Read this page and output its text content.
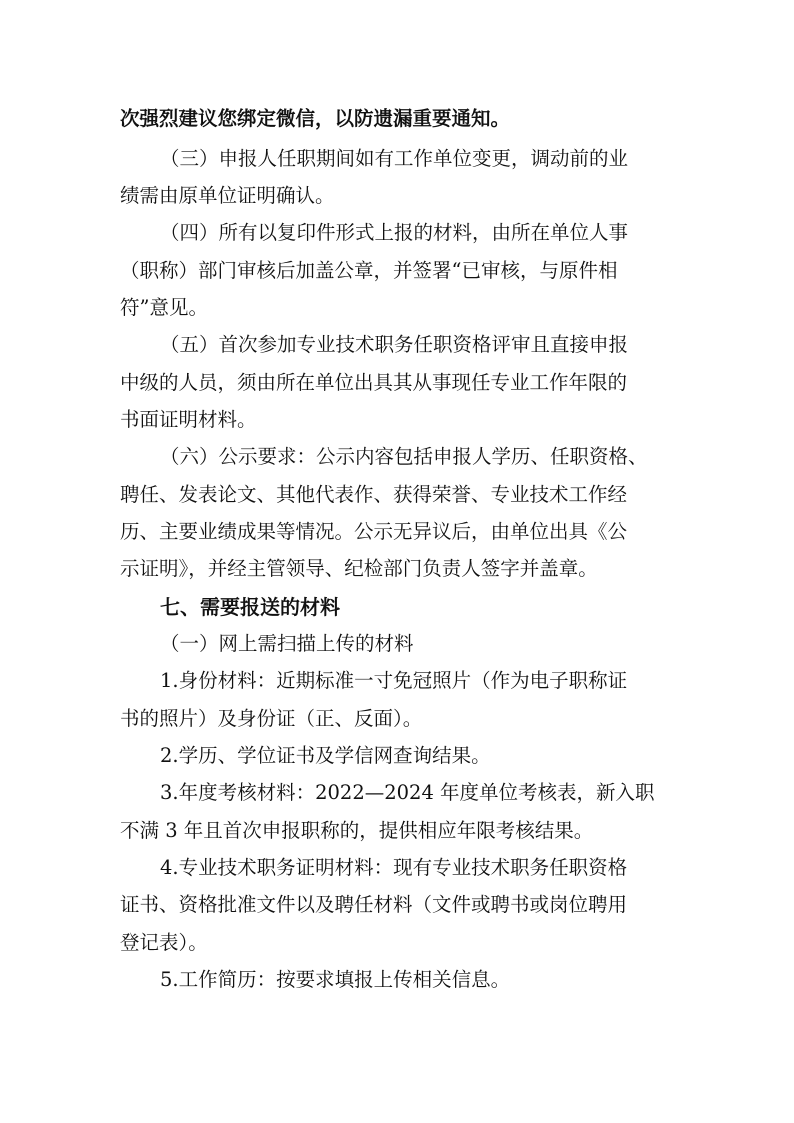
次强烈建议您绑定微信，以防遗漏重要通知。
（三）申报人任职期间如有工作单位变更，调动前的业
绩需由原单位证明确认。
（四）所有以复印件形式上报的材料，由所在单位人事
（职称）部门审核后加盖公章，并签署“已审核，与原件相
符”意见。
（五）首次参加专业技术职务任职资格评审且直接申报
中级的人员，须由所在单位出具其从事现任专业工作年限的
书面证明材料。
（六）公示要求：公示内容包括申报人学历、任职资格、
聘任、发表论文、其他代表作、获得荣誉、专业技术工作经
历、主要业绩成果等情况。公示无异议后，由单位出具《公
示证明》，并经主管领导、纪检部门负责人签字并盖章。
七、需要报送的材料
（一）网上需扫描上传的材料
1.身份材料：近期标准一寸免冠照片（作为电子职称证
书的照片）及身份证（正、反面）。
2.学历、学位证书及学信网查询结果。
3.年度考核材料：2022—2024 年度单位考核表，新入职
不满 3 年且首次申报职称的，提供相应年限考核结果。
4.专业技术职务证明材料：现有专业技术职务任职资格
证书、资格批准文件以及聘任材料（文件或聘书或岗位聘用
登记表）。
5.工作简历：按要求填报上传相关信息。
